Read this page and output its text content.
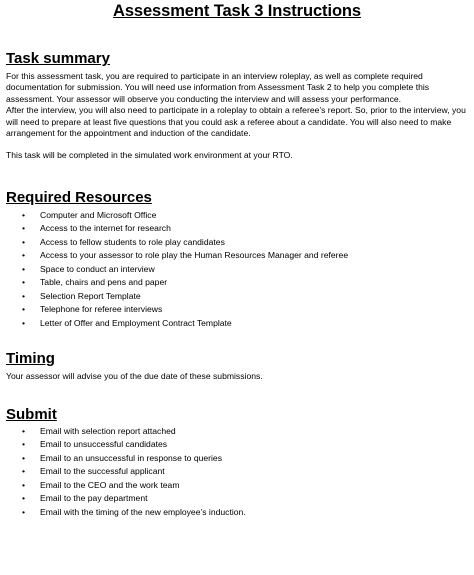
Assessment Task 3 Instructions
Task summary

For this assessment task, you are required to participate in an interview roleplay, as well as complete required documentation for submission. You will need use information from Assessment Task 2 to help you complete this assessment. Your assessor will observe you conducting the interview and will assess your performance.

After the interview, you will also need to participate in a roleplay to obtain a referee’s report. So, prior to the interview, you will need to prepare at least five questions that you could ask a referee about a candidate. You will also need to make arrangement for the appointment and induction of the candidate.

This task will be completed in the simulated work environment at your RTO.

Required Resources
• Computer and Microsoft Office
• Access to the internet for research
• Access to fellow students to role play candidates
• Access to your assessor to role play the Human Resources Manager and referee
• Space to conduct an interview
• Table, chairs and pens and paper
• Selection Report Template
• Telephone for referee interviews
• Letter of Offer and Employment Contract Template
Timing

Your assessor will advise you of the due date of these submissions.

Submit
• Email with selection report attached
• Email to unsuccessful candidates
• Email to an unsuccessful in response to queries
• Email to the successful applicant
• Email to the CEO and the work team
• Email to the pay department
• Email with the timing of the new employee’s induction.
